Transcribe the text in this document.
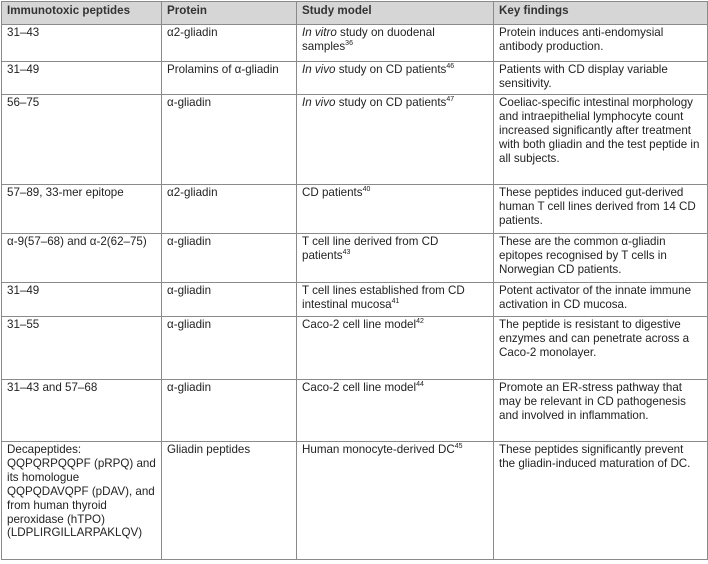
Immunotoxic peptides	Protein	Study model	Key findings
31–43	α2-gliadin	In vitro study on duodenal samples$^{36}$	Protein induces anti-endomysial antibody production.
31–49	Prolamins of α-gliadin	In vivo study on CD patients$^{46}$	Patients with CD display variable sensitivity.
56–75	α-gliadin	In vivo study on CD patients$^{47}$	Coeliac-specific intestinal morphology and intraepithelial lymphocyte count increased significantly after treatment with both gliadin and the test peptide in all subjects.
57–89, 33-mer epitope	α2-gliadin	CD patients$^{40}$	These peptides induced gut-derived human T cell lines derived from 14 CD patients.
α-9(57–68) and α-2(62–75)	α-gliadin	T cell line derived from CD patients$^{43}$	These are the common α-gliadin epitopes recognised by T cells in Norwegian CD patients.
31–49	α-gliadin	T cell lines established from CD intestinal mucosa$^{41}$	Potent activator of the innate immune activation in CD mucosa.
31–55	α-gliadin	Caco-2 cell line model$^{42}$	The peptide is resistant to digestive enzymes and can penetrate across a Caco-2 monolayer.
31–43 and 57–68	α-gliadin	Caco-2 cell line model$^{44}$	Promote an ER-stress pathway that may be relevant in CD pathogenesis and involved in inflammation.
Decapeptides: QQPQRPQQPF (pRPQ) and its homologue QQPQDAVQPF (pDAV), and from human thyroid peroxidase (hTPO) (LDPLIRGILLARPAKLQV)	Gliadin peptides	Human monocyte-derived DC$^{45}$	These peptides significantly prevent the gliadin-induced maturation of DC.
